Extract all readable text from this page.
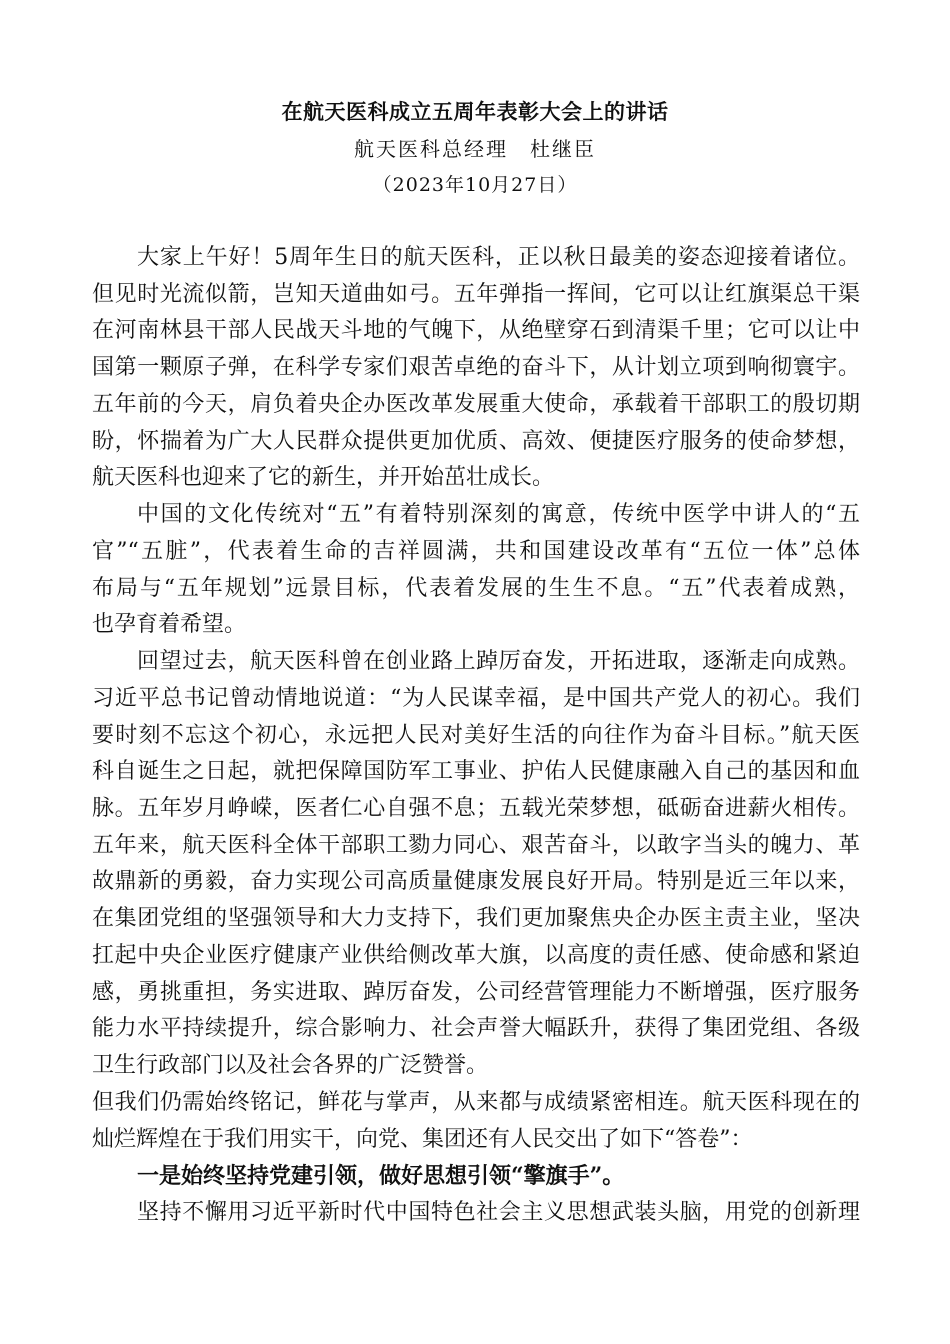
在航天医科成立五周年表彰大会上的讲话
航天医科总经理　杜继臣
（2023年10月27日）
大家上午好！5周年生日的航天医科，正以秋日最美的姿态迎接着诸位。
但见时光流似箭，岂知天道曲如弓。五年弹指一挥间，它可以让红旗渠总干渠
在河南林县干部人民战天斗地的气魄下，从绝壁穿石到清渠千里；它可以让中
国第一颗原子弹，在科学专家们艰苦卓绝的奋斗下，从计划立项到响彻寰宇。
五年前的今天，肩负着央企办医改革发展重大使命，承载着干部职工的殷切期
盼，怀揣着为广大人民群众提供更加优质、高效、便捷医疗服务的使命梦想，
航天医科也迎来了它的新生，并开始茁壮成长。
中国的文化传统对“五”有着特别深刻的寓意，传统中医学中讲人的“五
官”“五脏”，代表着生命的吉祥圆满，共和国建设改革有“五位一体”总体
布局与“五年规划”远景目标，代表着发展的生生不息。“五”代表着成熟，
也孕育着希望。
回望过去，航天医科曾在创业路上踔厉奋发，开拓进取，逐渐走向成熟。
习近平总书记曾动情地说道：“为人民谋幸福，是中国共产党人的初心。我们
要时刻不忘这个初心，永远把人民对美好生活的向往作为奋斗目标。”航天医
科自诞生之日起，就把保障国防军工事业、护佑人民健康融入自己的基因和血
脉。五年岁月峥嵘，医者仁心自强不息；五载光荣梦想，砥砺奋进薪火相传。
五年来，航天医科全体干部职工勠力同心、艰苦奋斗，以敢字当头的魄力、革
故鼎新的勇毅，奋力实现公司高质量健康发展良好开局。特别是近三年以来，
在集团党组的坚强领导和大力支持下，我们更加聚焦央企办医主责主业，坚决
扛起中央企业医疗健康产业供给侧改革大旗，以高度的责任感、使命感和紧迫
感，勇挑重担，务实进取、踔厉奋发，公司经营管理能力不断增强，医疗服务
能力水平持续提升，综合影响力、社会声誉大幅跃升，获得了集团党组、各级
卫生行政部门以及社会各界的广泛赞誉。
但我们仍需始终铭记，鲜花与掌声，从来都与成绩紧密相连。航天医科现在的
灿烂辉煌在于我们用实干，向党、集团还有人民交出了如下“答卷”：
一是始终坚持党建引领，做好思想引领“擎旗手”。
坚持不懈用习近平新时代中国特色社会主义思想武装头脑，用党的创新理
